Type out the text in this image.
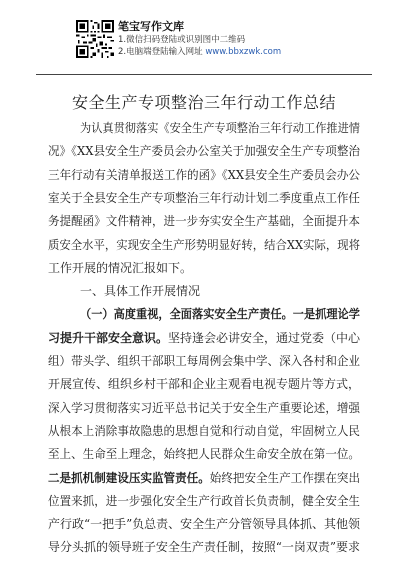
笔宝写作文库
1.微信扫码登陆或识别图中二维码
2.电脑端登陆输入网址 www.bbxzwk.com
安全生产专项整治三年行动工作总结
为认真贯彻落实《安全生产专项整治三年行动工作推进情
况》《XX县安全生产委员会办公室关于加强安全生产专项整治
三年行动有关清单报送工作的函》《XX县安全生产委员会办公
室关于全县安全生产专项整治三年行动计划二季度重点工作任
务提醒函》文件精神，进一步夯实安全生产基础，全面提升本
质安全水平，实现安全生产形势明显好转，结合XX实际，现将
工作开展的情况汇报如下。
一、具体工作开展情况
（一）高度重视，全面落实安全生产责任。一是抓理论学
习提升干部安全意识。坚持逢会必讲安全，通过党委（中心
组）带头学、组织干部职工每周例会集中学、深入各村和企业
开展宣传、组织乡村干部和企业主观看电视专题片等方式，
深入学习贯彻落实习近平总书记关于安全生产重要论述，增强
从根本上消除事故隐患的思想自觉和行动自觉，牢固树立人民
至上、生命至上理念，始终把人民群众生命安全放在第一位。
二是抓机制建设压实监管责任。始终把安全生产工作摆在突出
位置来抓，进一步强化安全生产行政首长负责制，健全安全生
产行政“一把手”负总责、安全生产分管领导具体抓、其他领
导分头抓的领导班子安全生产责任制，按照“一岗双责”要求
